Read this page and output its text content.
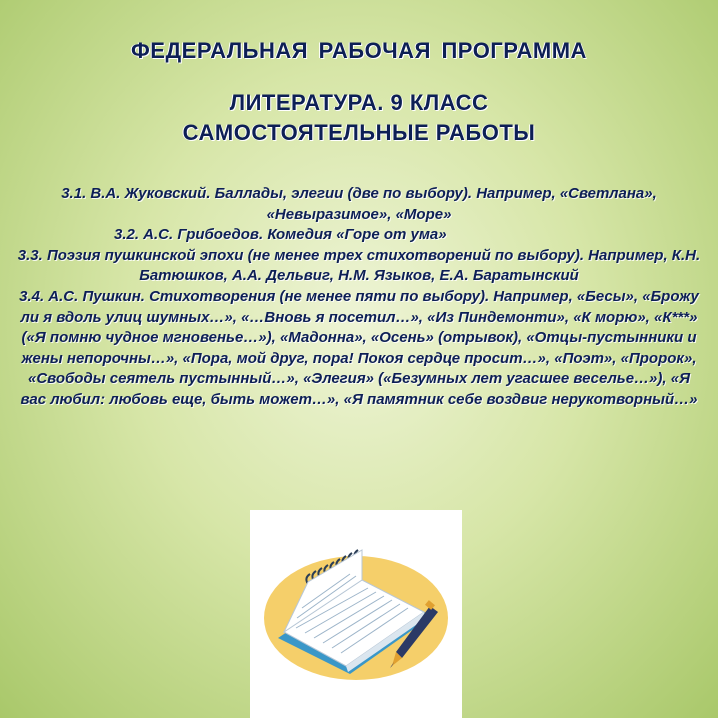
ФЕДЕРАЛЬНАЯ РАБОЧАЯ ПРОГРАММА
ЛИТЕРАТУРА. 9 КЛАСС
САМОСТОЯТЕЛЬНЫЕ РАБОТЫ

3.1. В.А. Жуковский. Баллады, элегии (две по выбору). Например, «Светлана», «Невыразимое», «Море»

3.2. А.С. Грибоедов. Комедия «Горе от ума»

3.3. Поэзия пушкинской эпохи (не менее трех стихотворений по выбору). Например, К.Н. Батюшков, А.А. Дельвиг, Н.М. Языков, Е.А. Баратынский

3.4. А.С. Пушкин. Стихотворения (не менее пяти по выбору). Например, «Бесы», «Брожу ли я вдоль улиц шумных…», «…Вновь я посетил…», «Из Пиндемонти», «К морю», «К***» («Я помню чудное мгновенье…»), «Мадонна», «Осень» (отрывок), «Отцы-пустынники и жены непорочны…», «Пора, мой друг, пора! Покоя сердце просит…», «Поэт», «Пророк», «Свободы сеятель пустынный…», «Элегия» («Безумных лет угасшее веселье…»), «Я вас любил: любовь еще, быть может…», «Я памятник себе воздвиг нерукотворный…»
